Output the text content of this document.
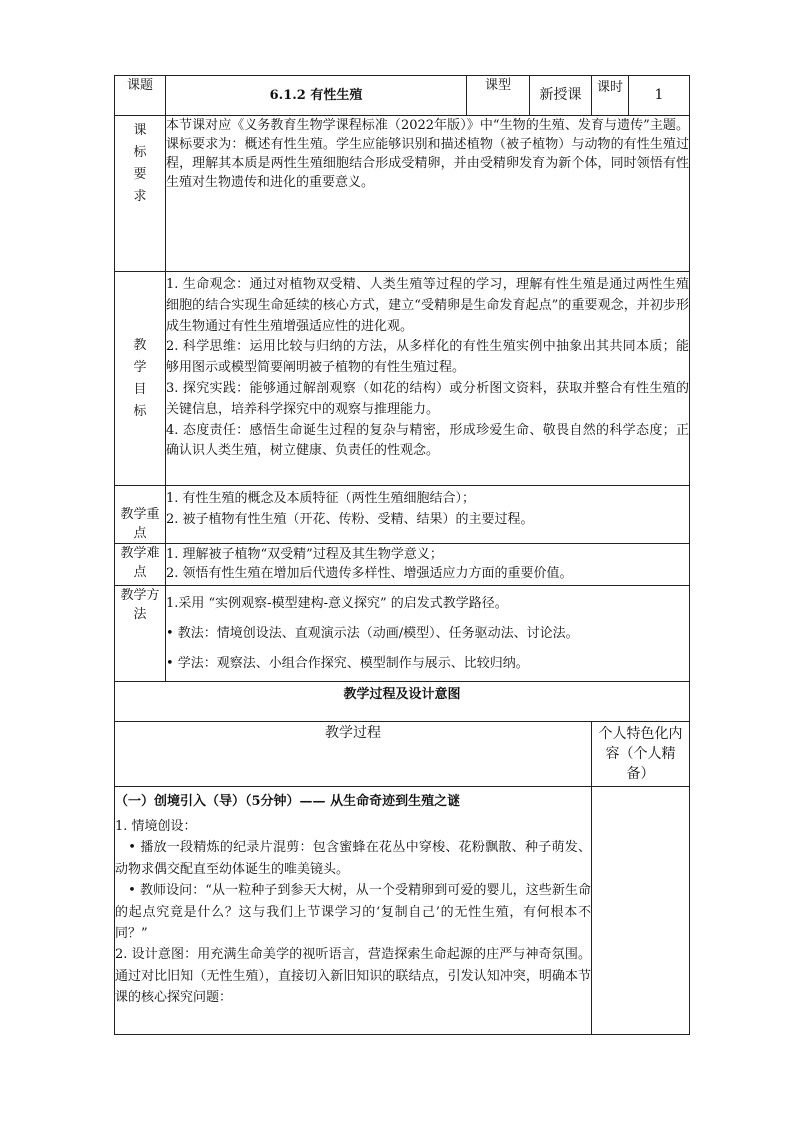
课题	6.1.2 有性生殖	课型	新授课	课时	1
课标要求	本节课对应《义务教育生物学课程标准（2022年版）》中“生物的生殖、发育与遗传”主题。课标要求为：概述有性生殖。学生应能够识别和描述植物（被子植物）与动物的有性生殖过程，理解其本质是两性生殖细胞结合形成受精卵，并由受精卵发育为新个体，同时领悟有性生殖对生物遗传和进化的重要意义。				
教学目标	1. 生命观念：通过对植物双受精、人类生殖等过程的学习，理解有性生殖是通过两性生殖细胞的结合实现生命延续的核心方式，建立“受精卵是生命发育起点”的重要观念，并初步形成生物通过有性生殖增强适应性的进化观。

2. 科学思维：运用比较与归纳的方法，从多样化的有性生殖实例中抽象出其共同本质；能够用图示或模型简要阐明被子植物的有性生殖过程。

3. 探究实践：能够通过解剖观察（如花的结构）或分析图文资料，获取并整合有性生殖的关键信息，培养科学探究中的观察与推理能力。

4. 态度责任：感悟生命诞生过程的复杂与精密，形成珍爱生命、敬畏自然的科学态度；正确认识人类生殖，树立健康、负责任的性观念。				

教学重点	1. 有性生殖的概念及本质特征（两性生殖细胞结合）；

2. 被子植物有性生殖（开花、传粉、受精、结果）的主要过程。				

教学难点	1. 理解被子植物“双受精”过程及其生物学意义；

2. 领悟有性生殖在增加后代遗传多样性、增强适应力方面的重要价值。				

教学方法	1.采用 “实例观察-模型建构-意义探究” 的启发式教学路径。

• 教法：情境创设法、直观演示法（动画/模型）、任务驱动法、讨论法。

• 学法：观察法、小组合作探究、模型制作与展示、比较归纳。				

教学过程及设计意图					
教学过程				个人特色化内容（个人精备）	

（一）创境引入（导）（5分钟）—— 从生命奇迹到生殖之谜

1. 情境创设：

　• 播放一段精炼的纪录片混剪：包含蜜蜂在花丛中穿梭、花粉飘散、种子萌发、动物求偶交配直至幼体诞生的唯美镜头。

　• 教师设问：“从一粒种子到参天大树，从一个受精卵到可爱的婴儿，这些新生命的起点究竟是什么？这与我们上节课学习的‘复制自己’的无性生殖，有何根本不同？”

2. 设计意图：用充满生命美学的视听语言，营造探索生命起源的庄严与神奇氛围。通过对比旧知（无性生殖），直接切入新旧知识的联结点，引发认知冲突，明确本节课的核心探究问题：					
